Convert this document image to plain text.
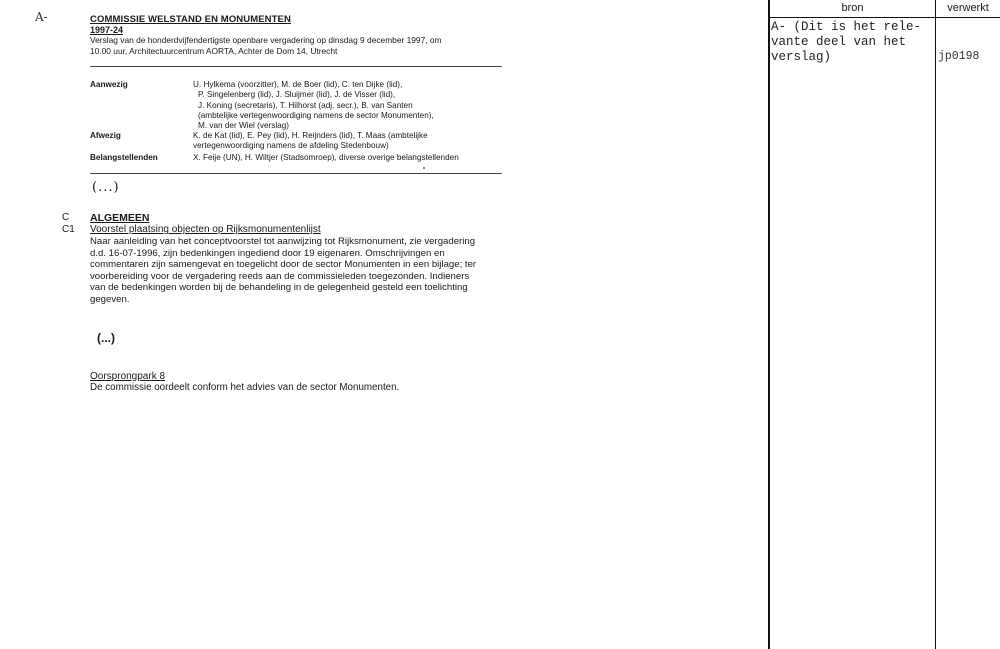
A-	COMMISSIE WELSTAND EN MONUMENTEN
1997-24
Verslag van de honderdvijfendertigste openbare vergadering op dinsdag 9 december 1997, om
10.00 uur, Architectuurcentrum AORTA, Achter de Dom 14, Utrecht
Aanwezig	U. Hylkema (voorzitter), M. de Boer (lid), C. ten Dijke (lid),
P. Singelenberg (lid), J. Sluijmer (lid), J. de Visser (lid),
J. Koning (secretaris), T. Hilhorst (adj. secr.), B. van Santen
(ambtelijke vertegenwoordiging namens de sector Monumenten),
M. van der Wiel (verslag)
Afwezig	K. de Kat (lid), E. Pey (lid), H. Reijnders (lid), T. Maas (ambtelijke
vertegenwoordiging namens de afdeling Stedenbouw)
Belangstellenden	X. Feije (UN), H. Wiltjer (Stadsomroep), diverse overige belangstellenden
(...)
C ALGEMEEN
C1 Voorstel plaatsing objecten op Rijksmonumentenlijst
Naar aanleiding van het conceptvoorstel tot aanwijzing tot Rijksmonument, zie vergadering
d.d. 16-07-1996, zijn bedenkingen ingediend door 19 eigenaren. Omschrijvingen en
commentaren zijn samengevat en toegelicht door de sector Monumenten in een bijlage; ter
voorbereiding voor de vergadering reeds aan de commissieleden toegezonden. Indieners
van de bedenkingen worden bij de behandeling in de gelegenheid gesteld een toelichting
gegeven.
(...)
Oorsprongpark 8
De commissie oordeelt conform het advies van de sector Monumenten.
bron	verwerkt
A- (Dit is het rele-
vante deel van het
verslag)	jp0198
